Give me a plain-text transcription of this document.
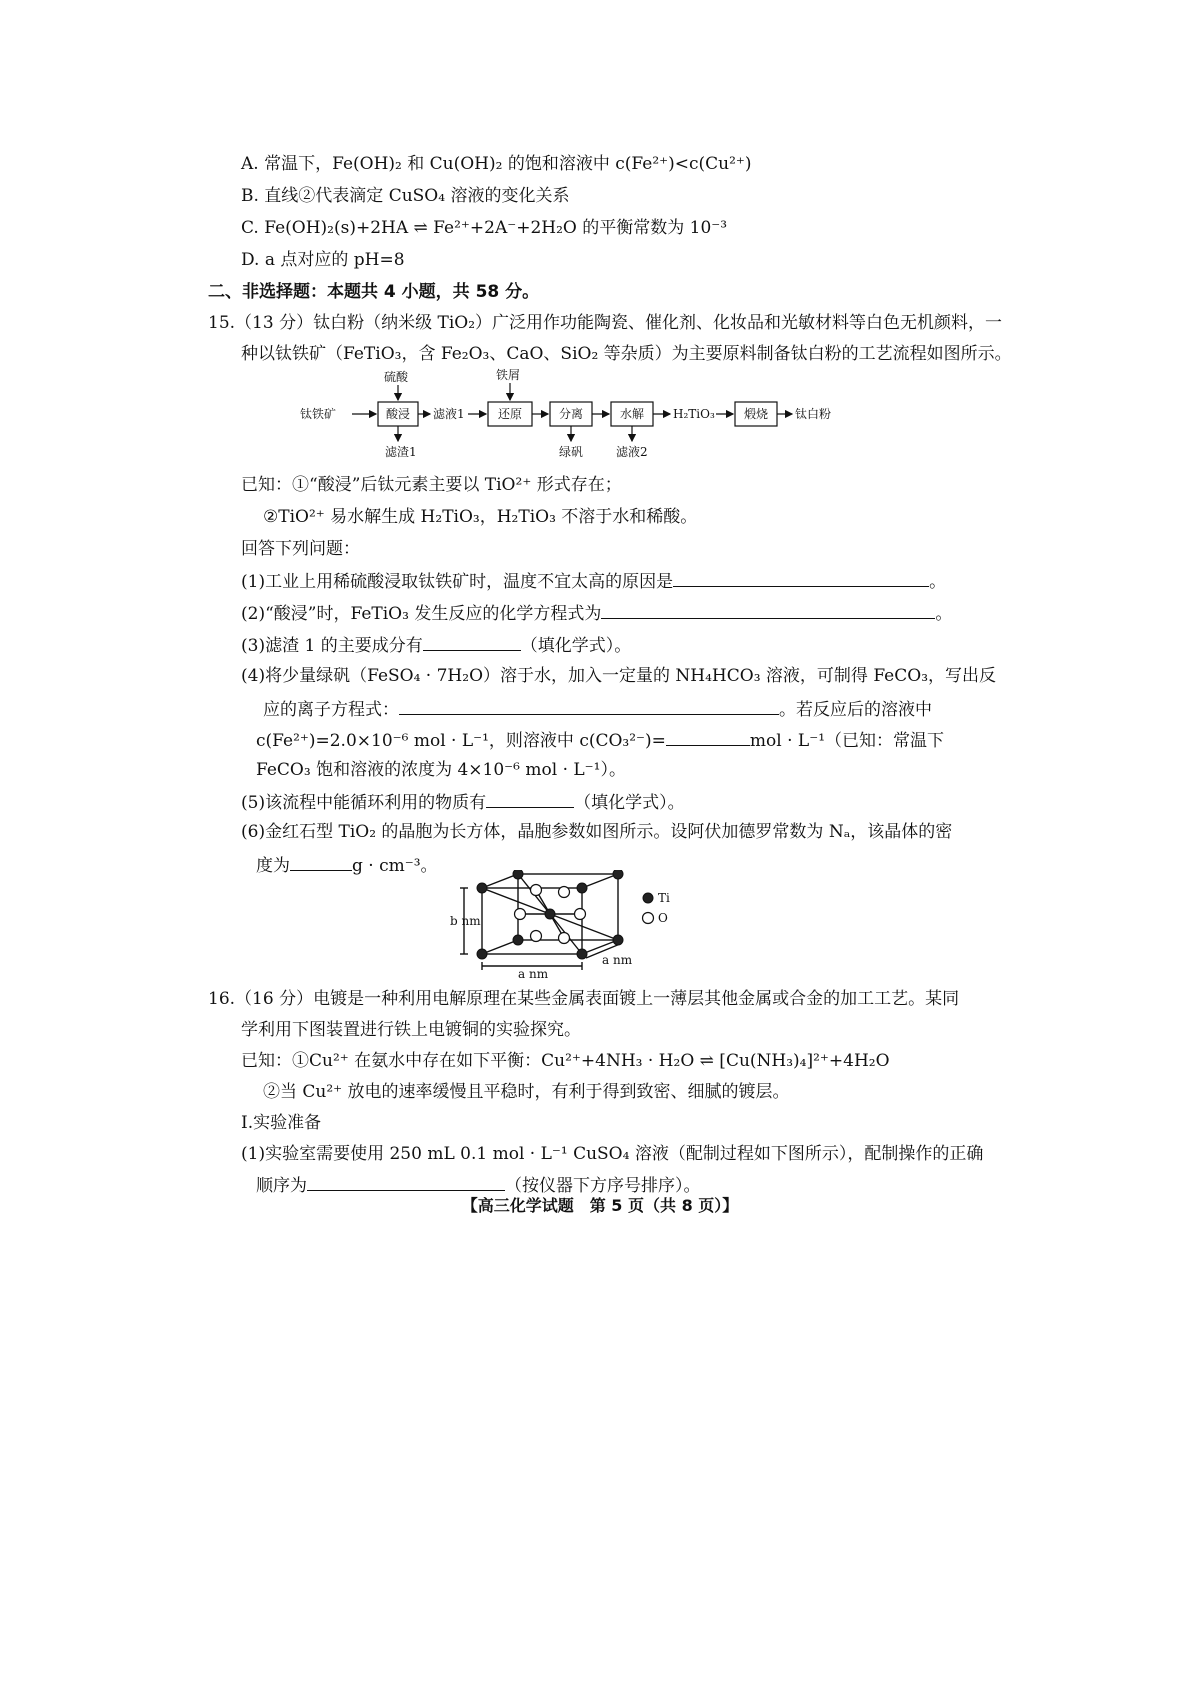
A. 常温下，Fe(OH)₂ 和 Cu(OH)₂ 的饱和溶液中 c(Fe²⁺)<c(Cu²⁺)
B. 直线②代表滴定 CuSO₄ 溶液的变化关系
C. Fe(OH)₂(s)+2HA ⇌ Fe²⁺+2A⁻+2H₂O 的平衡常数为 10⁻³
D. a 点对应的 pH=8
二、非选择题：本题共 4 小题，共 58 分。
15.（13 分）钛白粉（纳米级 TiO₂）广泛用作功能陶瓷、催化剂、化妆品和光敏材料等白色无机颜料，一
种以钛铁矿（FeTiO₃，含 Fe₂O₃、CaO、SiO₂ 等杂质）为主要原料制备钛白粉的工艺流程如图所示。
钛铁矿
硫酸
酸浸
滤渣1
滤液1
铁屑
还原	分离
绿矾
水解
滤液2
H₂TiO₃ 煅烧 钛白粉
已知：①“酸浸”后钛元素主要以 TiO²⁺ 形式存在；
②TiO²⁺ 易水解生成 H₂TiO₃，H₂TiO₃ 不溶于水和稀酸。
回答下列问题：
(1)工业上用稀硫酸浸取钛铁矿时，温度不宜太高的原因是	。
(2)“酸浸”时，FeTiO₃ 发生反应的化学方程式为	。
(3)滤渣 1 的主要成分有	（填化学式）。
(4)将少量绿矾（FeSO₄ · 7H₂O）溶于水，加入一定量的 NH₄HCO₃ 溶液，可制得 FeCO₃，写出反
应的离子方程式：	。若反应后的溶液中
c(Fe²⁺)=2.0×10⁻⁶ mol · L⁻¹，则溶液中 c(CO₃²⁻)=	mol · L⁻¹（已知：常温下
FeCO₃ 饱和溶液的浓度为 4×10⁻⁶ mol · L⁻¹）。
(5)该流程中能循环利用的物质有	（填化学式）。
(6)金红石型 TiO₂ 的晶胞为长方体，晶胞参数如图所示。设阿伏加德罗常数为 Nₐ，该晶体的密
度为	g · cm⁻³。
b nm
a nm
a nm
Ti
O
16.（16 分）电镀是一种利用电解原理在某些金属表面镀上一薄层其他金属或合金的加工工艺。某同
学利用下图装置进行铁上电镀铜的实验探究。
已知：①Cu²⁺ 在氨水中存在如下平衡：Cu²⁺+4NH₃ · H₂O ⇌ [Cu(NH₃)₄]²⁺+4H₂O
②当 Cu²⁺ 放电的速率缓慢且平稳时，有利于得到致密、细腻的镀层。
Ⅰ.实验准备
(1)实验室需要使用 250 mL 0.1 mol · L⁻¹ CuSO₄ 溶液（配制过程如下图所示），配制操作的正确
顺序为	（按仪器下方序号排序）。
【高三化学试题　第 5 页（共 8 页）】
